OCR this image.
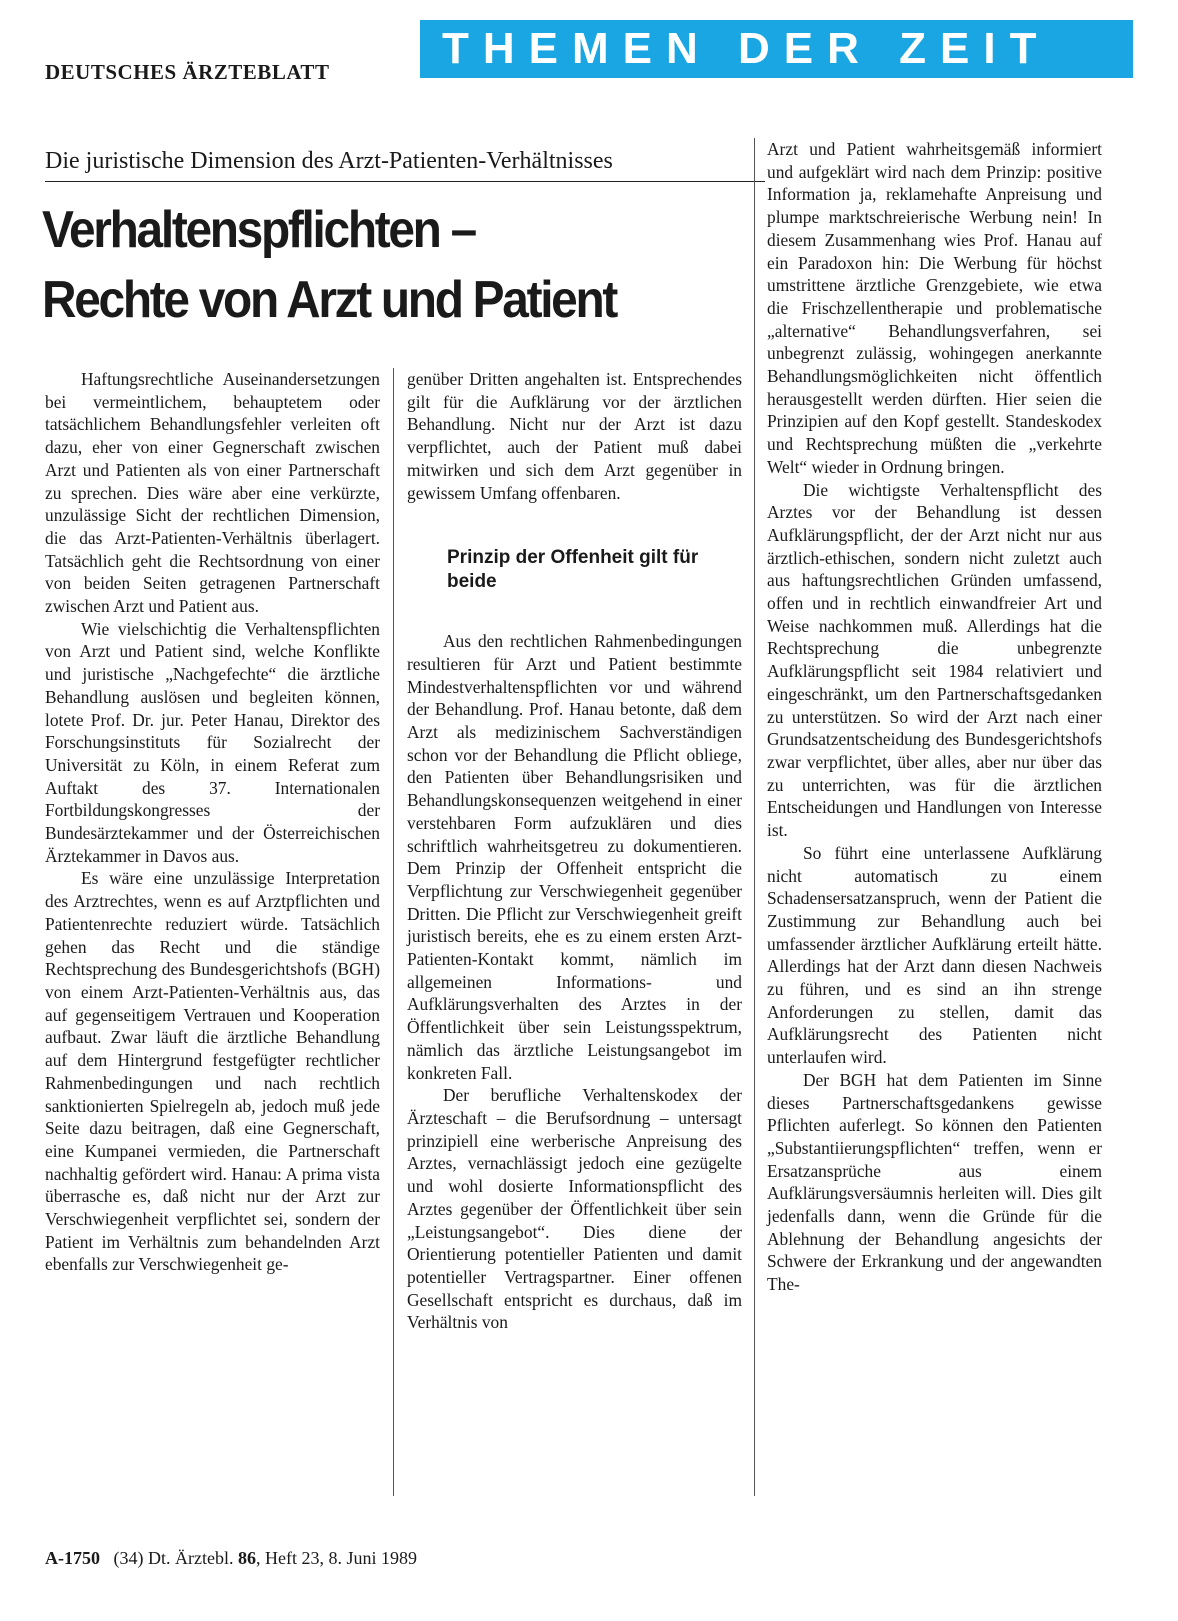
DEUTSCHES ÄRZTEBLATT	THEMEN DER ZEIT
Die juristische Dimension des Arzt-Patienten-Verhältnisses
Verhaltenspflichten –
Rechte von Arzt und Patient

Haftungsrechtliche Auseinandersetzungen bei vermeintlichem, behauptetem oder tatsächlichem Behandlungsfehler verleiten oft dazu, eher von einer Gegnerschaft zwischen Arzt und Patienten als von einer Partnerschaft zu sprechen. Dies wäre aber eine verkürzte, unzulässige Sicht der rechtlichen Dimension, die das Arzt-Patienten-Verhältnis überlagert. Tatsächlich geht die Rechtsordnung von einer von beiden Seiten getragenen Partnerschaft zwischen Arzt und Patient aus.

Wie vielschichtig die Verhaltenspflichten von Arzt und Patient sind, welche Konflikte und juristische „Nachgefechte“ die ärztliche Behandlung auslösen und begleiten können, lotete Prof. Dr. jur. Peter Hanau, Direktor des Forschungsinstituts für Sozialrecht der Universität zu Köln, in einem Referat zum Auftakt des 37. Internationalen Fortbildungskongresses der Bundesärztekammer und der Österreichischen Ärztekammer in Davos aus.

Es wäre eine unzulässige Interpretation des Arztrechtes, wenn es auf Arztpflichten und Patientenrechte reduziert würde. Tatsächlich gehen das Recht und die ständige Rechtsprechung des Bundesgerichtshofs (BGH) von einem Arzt-Patienten-Verhältnis aus, das auf gegenseitigem Vertrauen und Kooperation aufbaut. Zwar läuft die ärztliche Behandlung auf dem Hintergrund festgefügter rechtlicher Rahmenbedingungen und nach rechtlich sanktionierten Spielregeln ab, jedoch muß jede Seite dazu beitragen, daß eine Gegnerschaft, eine Kumpanei vermieden, die Partnerschaft nachhaltig gefördert wird. Hanau: A prima vista überrasche es, daß nicht nur der Arzt zur Verschwiegenheit verpflichtet sei, sondern der Patient im Verhältnis zum behandelnden Arzt ebenfalls zur Verschwiegenheit ge-

genüber Dritten angehalten ist. Entsprechendes gilt für die Aufklärung vor der ärztlichen Behandlung. Nicht nur der Arzt ist dazu verpflichtet, auch der Patient muß dabei mitwirken und sich dem Arzt gegenüber in gewissem Umfang offenbaren.

Prinzip der Offenheit gilt für beide

Aus den rechtlichen Rahmenbedingungen resultieren für Arzt und Patient bestimmte Mindestverhaltenspflichten vor und während der Behandlung. Prof. Hanau betonte, daß dem Arzt als medizinischem Sachverständigen schon vor der Behandlung die Pflicht obliege, den Patienten über Behandlungsrisiken und Behandlungskonsequenzen weitgehend in einer verstehbaren Form aufzuklären und dies schriftlich wahrheitsgetreu zu dokumentieren. Dem Prinzip der Offenheit entspricht die Verpflichtung zur Verschwiegenheit gegenüber Dritten. Die Pflicht zur Verschwiegenheit greift juristisch bereits, ehe es zu einem ersten Arzt-Patienten-Kontakt kommt, nämlich im allgemeinen Informations- und Aufklärungsverhalten des Arztes in der Öffentlichkeit über sein Leistungsspektrum, nämlich das ärztliche Leistungsangebot im konkreten Fall.

Der berufliche Verhaltenskodex der Ärzteschaft – die Berufsordnung – untersagt prinzipiell eine werberische Anpreisung des Arztes, vernachlässigt jedoch eine gezügelte und wohl dosierte Informationspflicht des Arztes gegenüber der Öffentlichkeit über sein „Leistungsangebot“. Dies diene der Orientierung potentieller Patienten und damit potentieller Vertragspartner. Einer offenen Gesellschaft entspricht es durchaus, daß im Verhältnis von

Arzt und Patient wahrheitsgemäß informiert und aufgeklärt wird nach dem Prinzip: positive Information ja, reklamehafte Anpreisung und plumpe marktschreierische Werbung nein! In diesem Zusammenhang wies Prof. Hanau auf ein Paradoxon hin: Die Werbung für höchst umstrittene ärztliche Grenzgebiete, wie etwa die Frischzellentherapie und problematische „alternative“ Behandlungsverfahren, sei unbegrenzt zulässig, wohingegen anerkannte Behandlungsmöglichkeiten nicht öffentlich herausgestellt werden dürften. Hier seien die Prinzipien auf den Kopf gestellt. Standeskodex und Rechtsprechung müßten die „verkehrte Welt“ wieder in Ordnung bringen.

Die wichtigste Verhaltenspflicht des Arztes vor der Behandlung ist dessen Aufklärungspflicht, der der Arzt nicht nur aus ärztlich-ethischen, sondern nicht zuletzt auch aus haftungsrechtlichen Gründen umfassend, offen und in rechtlich einwandfreier Art und Weise nachkommen muß. Allerdings hat die Rechtsprechung die unbegrenzte Aufklärungspflicht seit 1984 relativiert und eingeschränkt, um den Partnerschaftsgedanken zu unterstützen. So wird der Arzt nach einer Grundsatzentscheidung des Bundesgerichtshofs zwar verpflichtet, über alles, aber nur über das zu unterrichten, was für die ärztlichen Entscheidungen und Handlungen von Interesse ist.

So führt eine unterlassene Aufklärung nicht automatisch zu einem Schadensersatzanspruch, wenn der Patient die Zustimmung zur Behandlung auch bei umfassender ärztlicher Aufklärung erteilt hätte. Allerdings hat der Arzt dann diesen Nachweis zu führen, und es sind an ihn strenge Anforderungen zu stellen, damit das Aufklärungsrecht des Patienten nicht unterlaufen wird.

Der BGH hat dem Patienten im Sinne dieses Partnerschaftsgedankens gewisse Pflichten auferlegt. So können den Patienten „Substantiierungspflichten“ treffen, wenn er Ersatzansprüche aus einem Aufklärungsversäumnis herleiten will. Dies gilt jedenfalls dann, wenn die Gründe für die Ablehnung der Behandlung angesichts der Schwere der Erkrankung und der angewandten The-

A-1750 (34) Dt. Ärztebl. 86, Heft 23, 8. Juni 1989
